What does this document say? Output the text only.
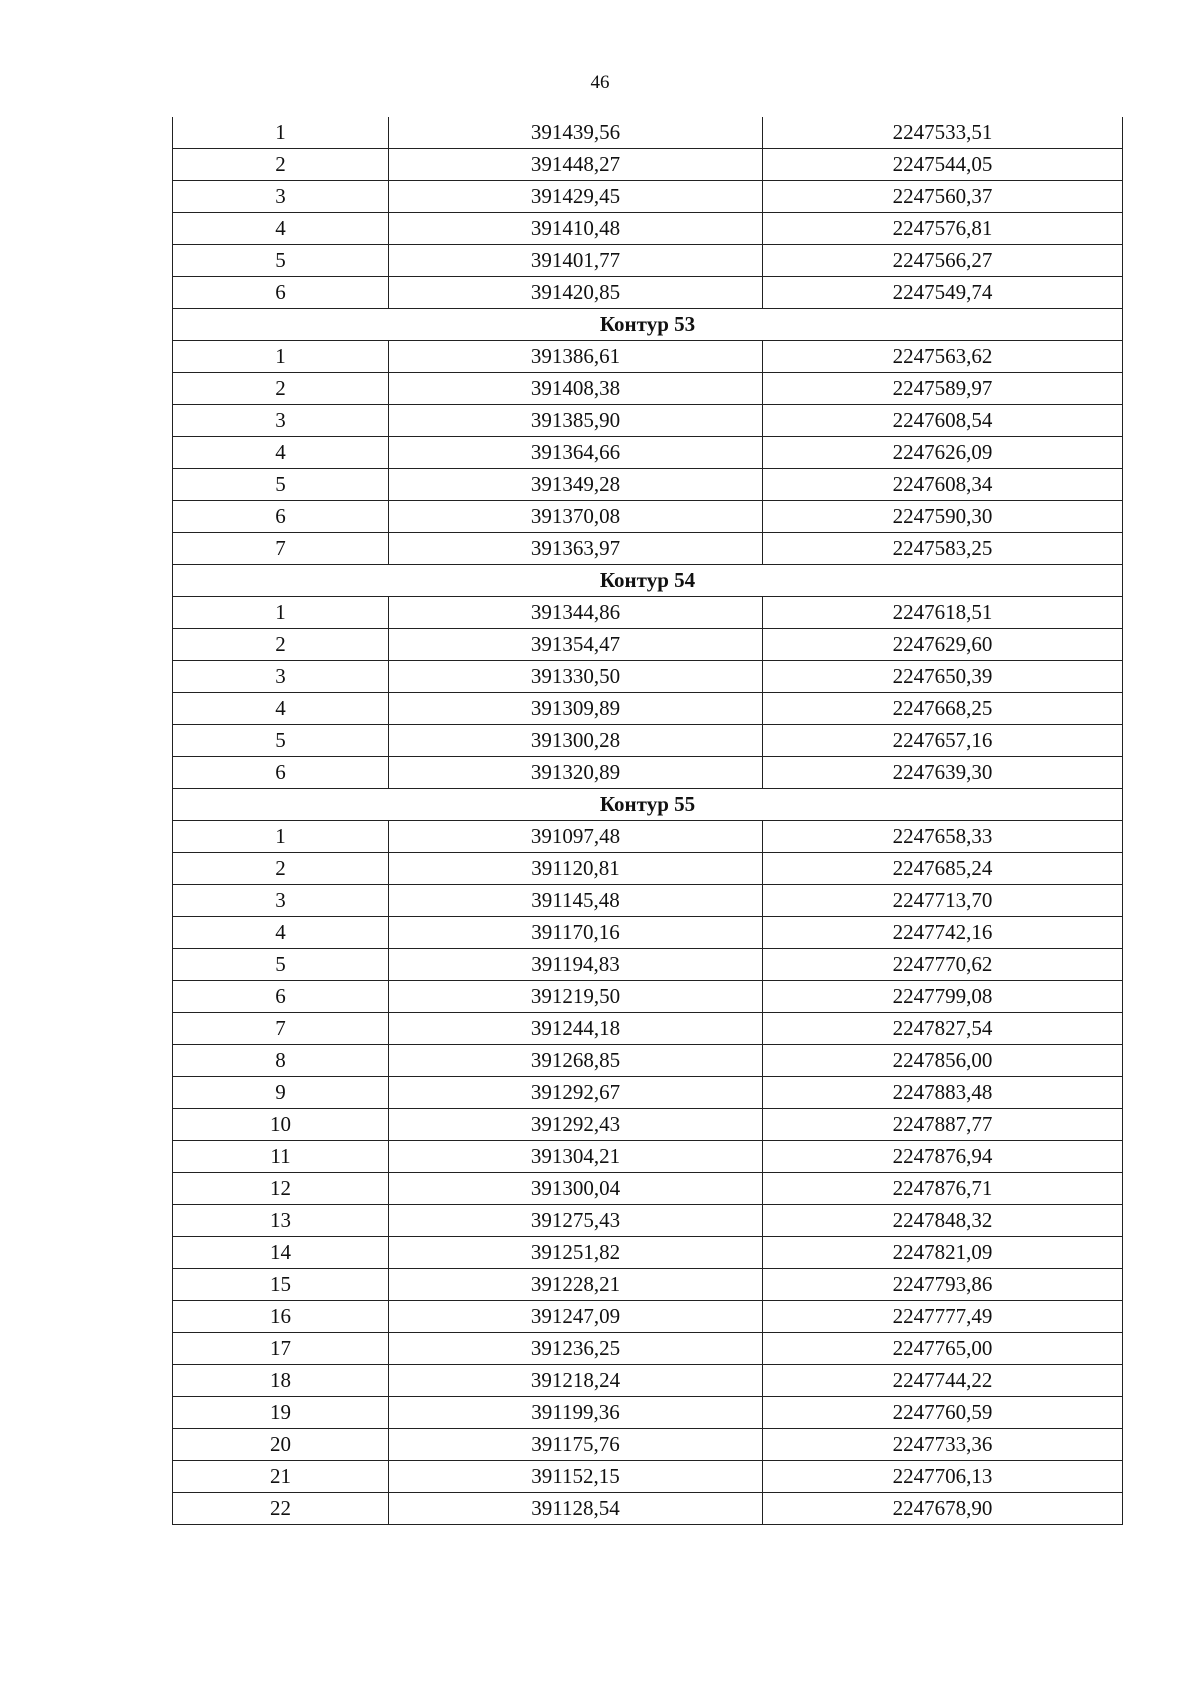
46
1	391439,56	2247533,51
2	391448,27	2247544,05
3	391429,45	2247560,37
4	391410,48	2247576,81
5	391401,77	2247566,27
6	391420,85	2247549,74
Контур 53		
1	391386,61	2247563,62
2	391408,38	2247589,97
3	391385,90	2247608,54
4	391364,66	2247626,09
5	391349,28	2247608,34
6	391370,08	2247590,30
7	391363,97	2247583,25
Контур 54		
1	391344,86	2247618,51
2	391354,47	2247629,60
3	391330,50	2247650,39
4	391309,89	2247668,25
5	391300,28	2247657,16
6	391320,89	2247639,30
Контур 55		
1	391097,48	2247658,33
2	391120,81	2247685,24
3	391145,48	2247713,70
4	391170,16	2247742,16
5	391194,83	2247770,62
6	391219,50	2247799,08
7	391244,18	2247827,54
8	391268,85	2247856,00
9	391292,67	2247883,48
10	391292,43	2247887,77
11	391304,21	2247876,94
12	391300,04	2247876,71
13	391275,43	2247848,32
14	391251,82	2247821,09
15	391228,21	2247793,86
16	391247,09	2247777,49
17	391236,25	2247765,00
18	391218,24	2247744,22
19	391199,36	2247760,59
20	391175,76	2247733,36
21	391152,15	2247706,13
22	391128,54	2247678,90
